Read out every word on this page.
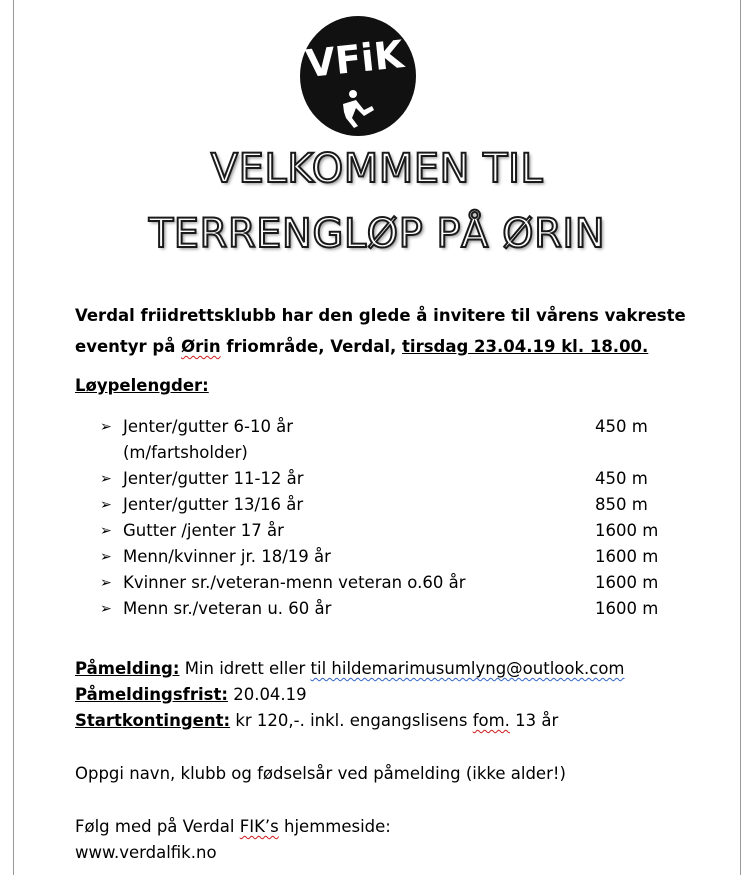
VFiK
VELKOMMEN TIL
TERRENGLØP PÅ ØRIN
Verdal friidrettsklubb har den glede å invitere til vårens vakreste eventyr på Ørin friområde, Verdal, tirsdag 23.04.19 kl. 18.00.
Løypelengder:
➢ Jenter/gutter 6-10 år	450 m
(m/fartsholder)
➢ Jenter/gutter 11-12 år	450 m
➢ Jenter/gutter 13/16 år	850 m
➢ Gutter /jenter 17 år	1600 m
➢ Menn/kvinner jr. 18/19 år	1600 m
➢ Kvinner sr./veteran-menn veteran o.60 år	1600 m
➢ Menn sr./veteran u. 60 år	1600 m
Påmelding: Min idrett eller til hildemarimusumlyng@outlook.com
Påmeldingsfrist: 20.04.19
Startkontingent: kr 120,-. inkl. engangslisens fom. 13 år
Oppgi navn, klubb og fødselsår ved påmelding (ikke alder!)
Følg med på Verdal FIK’s hjemmeside:
www.verdalfik.no
